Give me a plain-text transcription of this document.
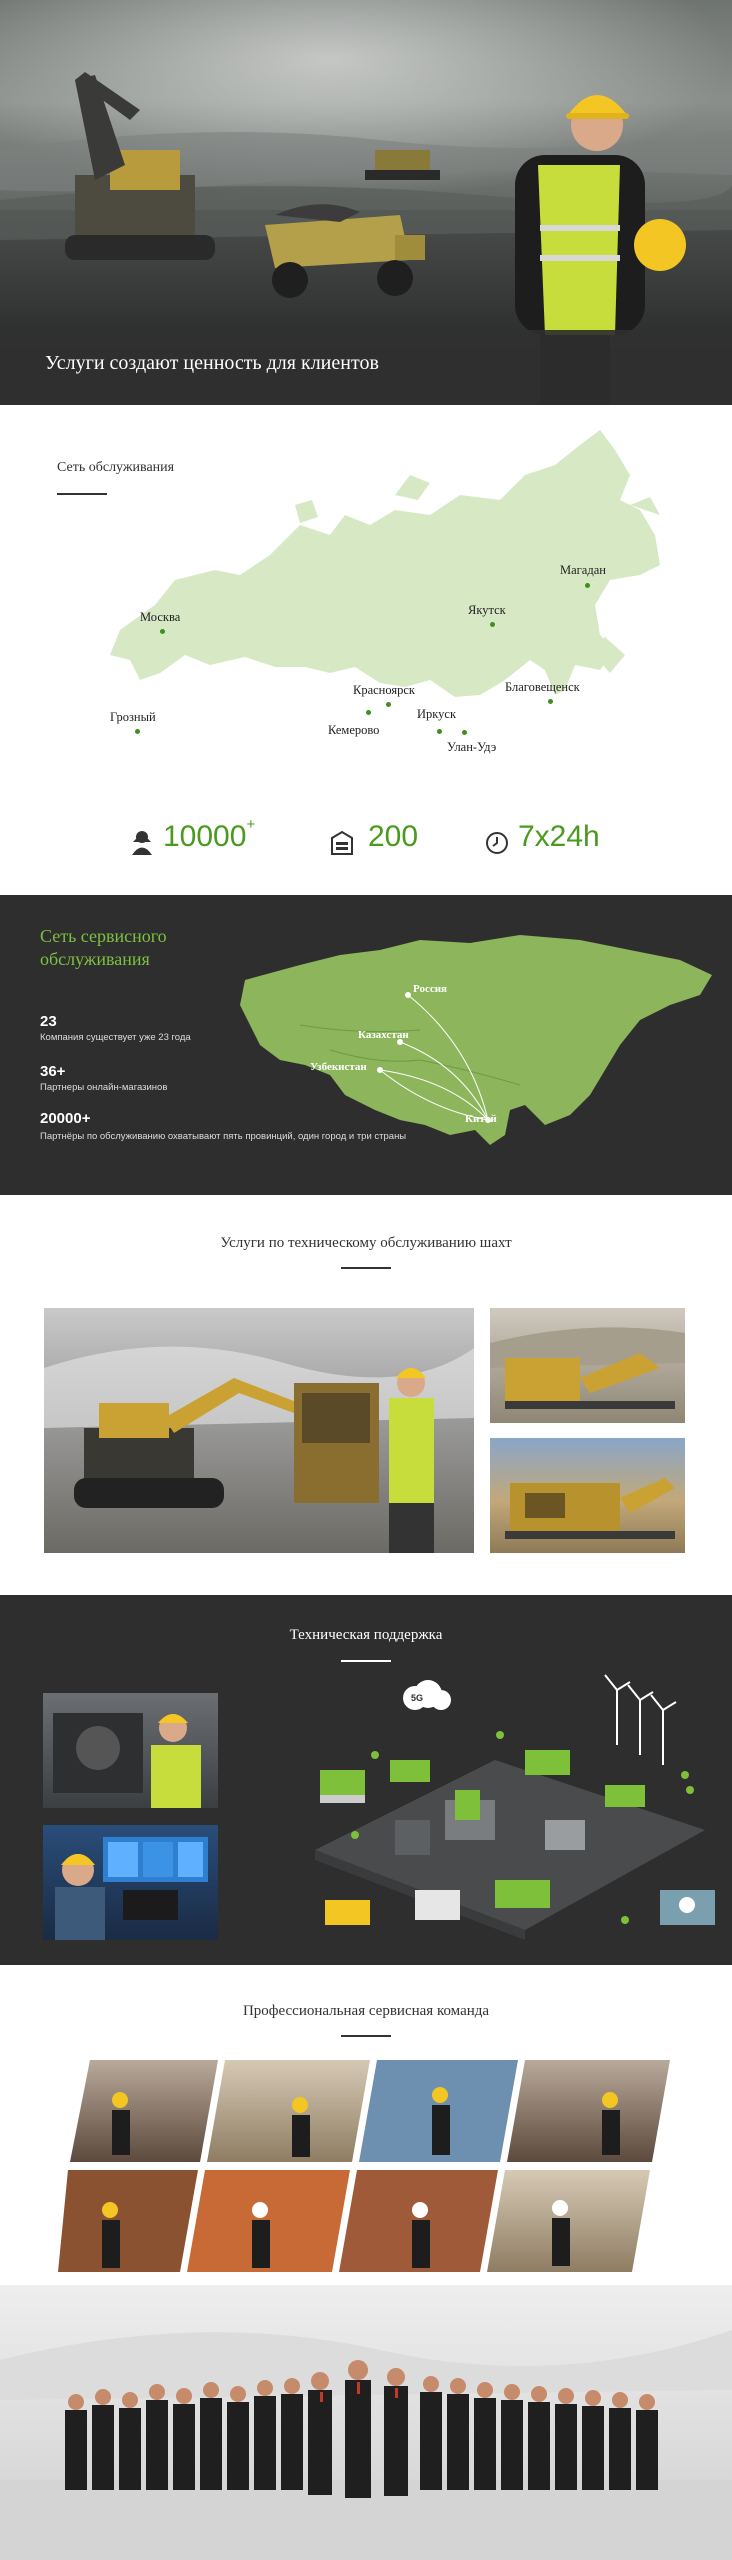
Услуги создают ценность для клиентов
Сеть обслуживания
Магадан
Москва	Якутск
Красноярск	Благовещенск
Иркуск
Грозный
Кемерово
Улан-Удэ
10000+	200	7x24h
Сеть сервисного обслуживания
23
Компания существует уже 23 года
36+
Партнеры онлайн-магазинов
20000+
Партнёры по обслуживанию охватывают пять провинций, один город и три страны
Россия
Казахстан
Узбекистан
Китай
Услуги по техническому обслуживанию шахт
Техническая поддержка
5G
Профессиональная сервисная команда
